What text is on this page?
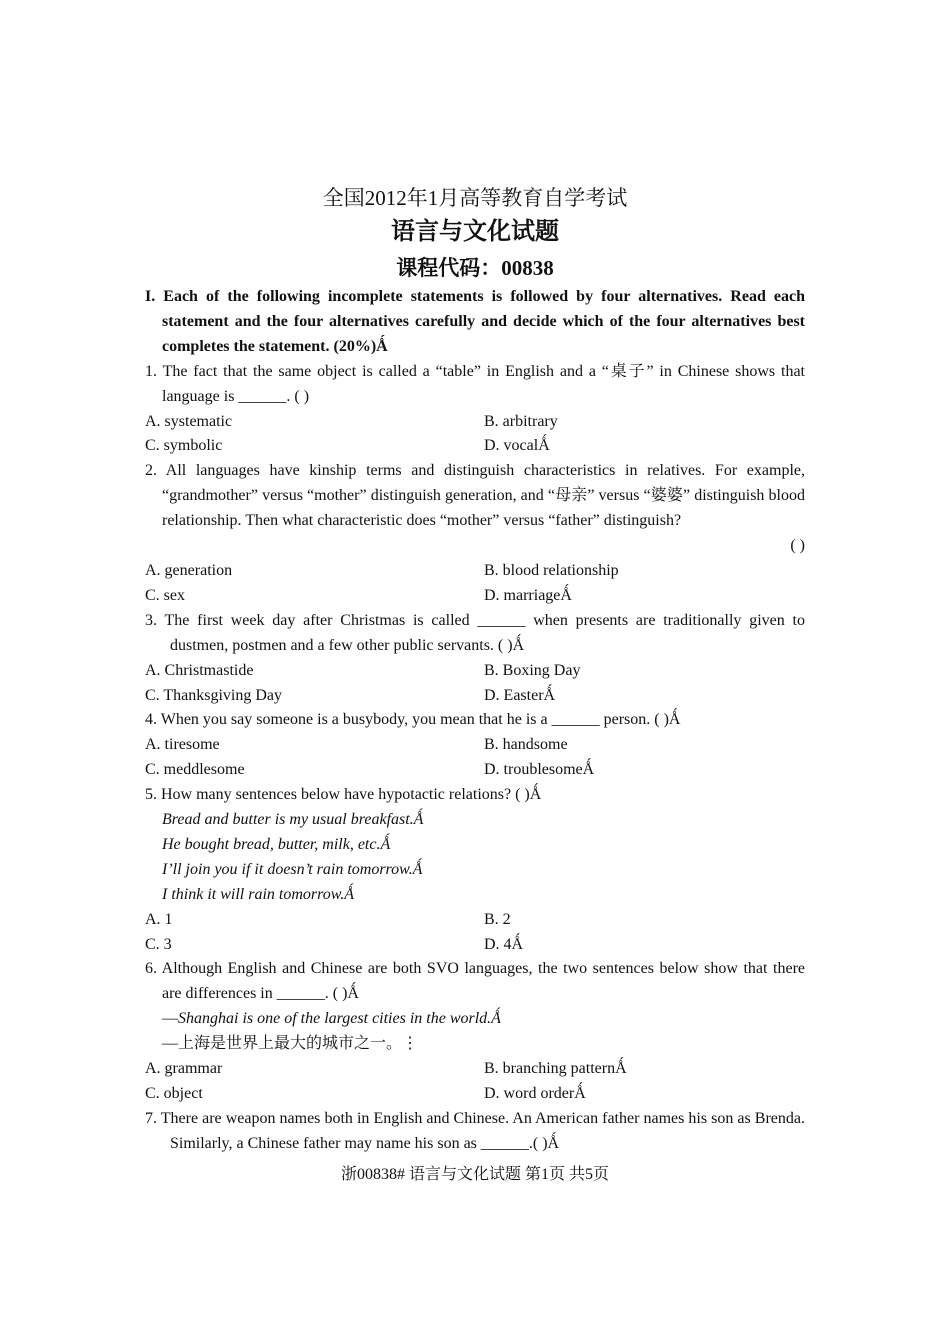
全国2012年1月高等教育自学考试
语言与文化试题
课程代码：00838
I. Each of the following incomplete statements is followed by four alternatives. Read each statement and the four alternatives carefully and decide which of the four alternatives best completes the statement. (20%)Ǻ
1. The fact that the same object is called a “table” in English and a “桌子” in Chinese shows that language is ______. ( )
A. systematic	B. arbitrary
C. symbolic	D. vocalǺ
2. All languages have kinship terms and distinguish characteristics in relatives. For example, “grandmother” versus “mother” distinguish generation, and “母亲” versus “婆婆” distinguish blood relationship. Then what characteristic does “mother” versus “father” distinguish?
( )
A. generation	B. blood relationship
C. sex	D. marriageǺ
3. The first week day after Christmas is called ______ when presents are traditionally given to dustmen, postmen and a few other public servants. ( )Ǻ
A. Christmastide	B. Boxing Day
C. Thanksgiving Day	D. EasterǺ
4. When you say someone is a busybody, you mean that he is a ______ person. ( )Ǻ
A. tiresome	B. handsome
C. meddlesome	D. troublesomeǺ
5. How many sentences below have hypotactic relations? ( )Ǻ
Bread and butter is my usual breakfast.Ǻ
He bought bread, butter, milk, etc.Ǻ
I’ll join you if it doesn’t rain tomorrow.Ǻ
I think it will rain tomorrow.Ǻ
A. 1	B. 2
C. 3	D. 4Ǻ
6. Although English and Chinese are both SVO languages, the two sentences below show that there are differences in ______. ( )Ǻ
—Shanghai is one of the largest cities in the world.Ǻ
—上海是世界上最大的城市之一。⋮
A. grammar	B. branching patternǺ
C. object	D. word orderǺ
7. There are weapon names both in English and Chinese. An American father names his son as Brenda. Similarly, a Chinese father may name his son as ______.( )Ǻ
浙00838# 语言与文化试题 第1页 共5页
